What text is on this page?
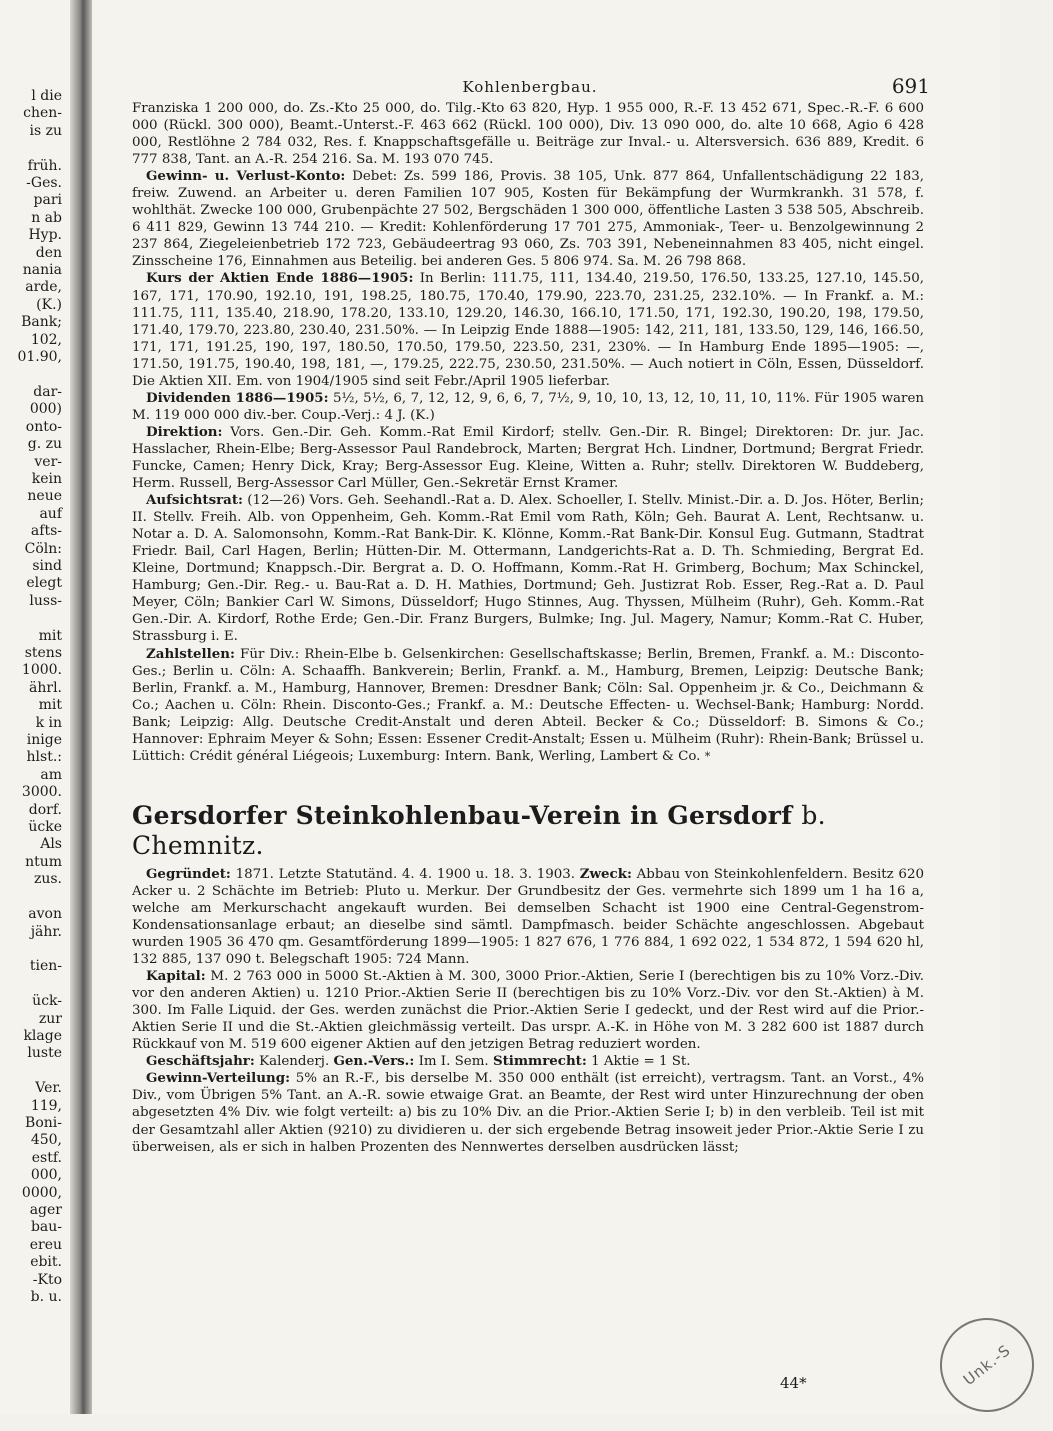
l die
chen-
is zu

früh.
-Ges.
pari
n ab
Hyp.
den
nania
arde,
(K.)
Bank;
102,
01.90,

dar-
000)
onto-
g. zu
ver-
kein
neue
auf
afts-
Cöln:
sind
elegt
luss-

mit
stens
1000.
ährl.
mit
k in
inige
hlst.:
am
3000.
dorf.
ücke
Als
ntum
zus.

avon
jähr.

tien-

ück-
zur
klage
luste

Ver.
119,
Boni-
450,
estf.
000,
0000,
ager
bau-
ereu
ebit.
-Kto
b. u.
Kohlenbergbau.	691

Franziska 1 200 000, do. Zs.-Kto 25 000, do. Tilg.-Kto 63 820, Hyp. 1 955 000, R.-F. 13 452 671, Spec.-R.-F. 6 600 000 (Rückl. 300 000), Beamt.-Unterst.-F. 463 662 (Rückl. 100 000), Div. 13 090 000, do. alte 10 668, Agio 6 428 000, Restlöhne 2 784 032, Res. f. Knappschaftsgefälle u. Beiträge zur Inval.- u. Altersversich. 636 889, Kredit. 6 777 838, Tant. an A.-R. 254 216. Sa. M. 193 070 745.

Gewinn- u. Verlust-Konto: Debet: Zs. 599 186, Provis. 38 105, Unk. 877 864, Unfallentschädigung 22 183, freiw. Zuwend. an Arbeiter u. deren Familien 107 905, Kosten für Bekämpfung der Wurmkrankh. 31 578, f. wohlthät. Zwecke 100 000, Grubenpächte 27 502, Bergschäden 1 300 000, öffentliche Lasten 3 538 505, Abschreib. 6 411 829, Gewinn 13 744 210. — Kredit: Kohlenförderung 17 701 275, Ammoniak-, Teer- u. Benzolgewinnung 2 237 864, Ziegeleienbetrieb 172 723, Gebäudeertrag 93 060, Zs. 703 391, Nebeneinnahmen 83 405, nicht eingel. Zinsscheine 176, Einnahmen aus Beteilig. bei anderen Ges. 5 806 974. Sa. M. 26 798 868.

Kurs der Aktien Ende 1886—1905: In Berlin: 111.75, 111, 134.40, 219.50, 176.50, 133.25, 127.10, 145.50, 167, 171, 170.90, 192.10, 191, 198.25, 180.75, 170.40, 179.90, 223.70, 231.25, 232.10%. — In Frankf. a. M.: 111.75, 111, 135.40, 218.90, 178.20, 133.10, 129.20, 146.30, 166.10, 171.50, 171, 192.30, 190.20, 198, 179.50, 171.40, 179.70, 223.80, 230.40, 231.50%. — In Leipzig Ende 1888—1905: 142, 211, 181, 133.50, 129, 146, 166.50, 171, 171, 191.25, 190, 197, 180.50, 170.50, 179.50, 223.50, 231, 230%. — In Hamburg Ende 1895—1905: —, 171.50, 191.75, 190.40, 198, 181, —, 179.25, 222.75, 230.50, 231.50%. — Auch notiert in Cöln, Essen, Düsseldorf. Die Aktien XII. Em. von 1904/1905 sind seit Febr./April 1905 lieferbar.

Dividenden 1886—1905: 5½, 5½, 6, 7, 12, 12, 9, 6, 6, 7, 7½, 9, 10, 10, 13, 12, 10, 11, 10, 11%. Für 1905 waren M. 119 000 000 div.-ber. Coup.-Verj.: 4 J. (K.)

Direktion: Vors. Gen.-Dir. Geh. Komm.-Rat Emil Kirdorf; stellv. Gen.-Dir. R. Bingel; Direktoren: Dr. jur. Jac. Hasslacher, Rhein-Elbe; Berg-Assessor Paul Randebrock, Marten; Bergrat Hch. Lindner, Dortmund; Bergrat Friedr. Funcke, Camen; Henry Dick, Kray; Berg-Assessor Eug. Kleine, Witten a. Ruhr; stellv. Direktoren W. Buddeberg, Herm. Russell, Berg-Assessor Carl Müller, Gen.-Sekretär Ernst Kramer.

Aufsichtsrat: (12—26) Vors. Geh. Seehandl.-Rat a. D. Alex. Schoeller, I. Stellv. Minist.-Dir. a. D. Jos. Höter, Berlin; II. Stellv. Freih. Alb. von Oppenheim, Geh. Komm.-Rat Emil vom Rath, Köln; Geh. Baurat A. Lent, Rechtsanw. u. Notar a. D. A. Salomonsohn, Komm.-Rat Bank-Dir. K. Klönne, Komm.-Rat Bank-Dir. Konsul Eug. Gutmann, Stadtrat Friedr. Bail, Carl Hagen, Berlin; Hütten-Dir. M. Ottermann, Landgerichts-Rat a. D. Th. Schmieding, Bergrat Ed. Kleine, Dortmund; Knappsch.-Dir. Bergrat a. D. O. Hoffmann, Komm.-Rat H. Grimberg, Bochum; Max Schinckel, Hamburg; Gen.-Dir. Reg.- u. Bau-Rat a. D. H. Mathies, Dortmund; Geh. Justizrat Rob. Esser, Reg.-Rat a. D. Paul Meyer, Cöln; Bankier Carl W. Simons, Düsseldorf; Hugo Stinnes, Aug. Thyssen, Mülheim (Ruhr), Geh. Komm.-Rat Gen.-Dir. A. Kirdorf, Rothe Erde; Gen.-Dir. Franz Burgers, Bulmke; Ing. Jul. Magery, Namur; Komm.-Rat C. Huber, Strassburg i. E.

Zahlstellen: Für Div.: Rhein-Elbe b. Gelsenkirchen: Gesellschaftskasse; Berlin, Bremen, Frankf. a. M.: Disconto-Ges.; Berlin u. Cöln: A. Schaaffh. Bankverein; Berlin, Frankf. a. M., Hamburg, Bremen, Leipzig: Deutsche Bank; Berlin, Frankf. a. M., Hamburg, Hannover, Bremen: Dresdner Bank; Cöln: Sal. Oppenheim jr. & Co., Deichmann & Co.; Aachen u. Cöln: Rhein. Disconto-Ges.; Frankf. a. M.: Deutsche Effecten- u. Wechsel-Bank; Hamburg: Nordd. Bank; Leipzig: Allg. Deutsche Credit-Anstalt und deren Abteil. Becker & Co.; Düsseldorf: B. Simons & Co.; Hannover: Ephraim Meyer & Sohn; Essen: Essener Credit-Anstalt; Essen u. Mülheim (Ruhr): Rhein-Bank; Brüssel u. Lüttich: Crédit général Liégeois; Luxemburg: Intern. Bank, Werling, Lambert & Co. *

Gersdorfer Steinkohlenbau-Verein in Gersdorf b. Chemnitz.

Gegründet: 1871. Letzte Statutänd. 4. 4. 1900 u. 18. 3. 1903. Zweck: Abbau von Steinkohlenfeldern. Besitz 620 Acker u. 2 Schächte im Betrieb: Pluto u. Merkur. Der Grundbesitz der Ges. vermehrte sich 1899 um 1 ha 16 a, welche am Merkurschacht angekauft wurden. Bei demselben Schacht ist 1900 eine Central-Gegenstrom-Kondensationsanlage erbaut; an dieselbe sind sämtl. Dampfmasch. beider Schächte angeschlossen. Abgebaut wurden 1905 36 470 qm. Gesamtförderung 1899—1905: 1 827 676, 1 776 884, 1 692 022, 1 534 872, 1 594 620 hl, 132 885, 137 090 t. Belegschaft 1905: 724 Mann.

Kapital: M. 2 763 000 in 5000 St.-Aktien à M. 300, 3000 Prior.-Aktien, Serie I (berechtigen bis zu 10% Vorz.-Div. vor den anderen Aktien) u. 1210 Prior.-Aktien Serie II (berechtigen bis zu 10% Vorz.-Div. vor den St.-Aktien) à M. 300. Im Falle Liquid. der Ges. werden zunächst die Prior.-Aktien Serie I gedeckt, und der Rest wird auf die Prior.-Aktien Serie II und die St.-Aktien gleichmässig verteilt. Das urspr. A.-K. in Höhe von M. 3 282 600 ist 1887 durch Rückkauf von M. 519 600 eigener Aktien auf den jetzigen Betrag reduziert worden.

Geschäftsjahr: Kalenderj. Gen.-Vers.: Im I. Sem. Stimmrecht: 1 Aktie = 1 St.

Gewinn-Verteilung: 5% an R.-F., bis derselbe M. 350 000 enthält (ist erreicht), vertragsm. Tant. an Vorst., 4% Div., vom Übrigen 5% Tant. an A.-R. sowie etwaige Grat. an Beamte, der Rest wird unter Hinzurechnung der oben abgesetzten 4% Div. wie folgt verteilt: a) bis zu 10% Div. an die Prior.-Aktien Serie I; b) in den verbleib. Teil ist mit der Gesamtzahl aller Aktien (9210) zu dividieren u. der sich ergebende Betrag insoweit jeder Prior.-Aktie Serie I zu überweisen, als er sich in halben Prozenten des Nennwertes derselben ausdrücken lässt;

44*	Unk.-S
